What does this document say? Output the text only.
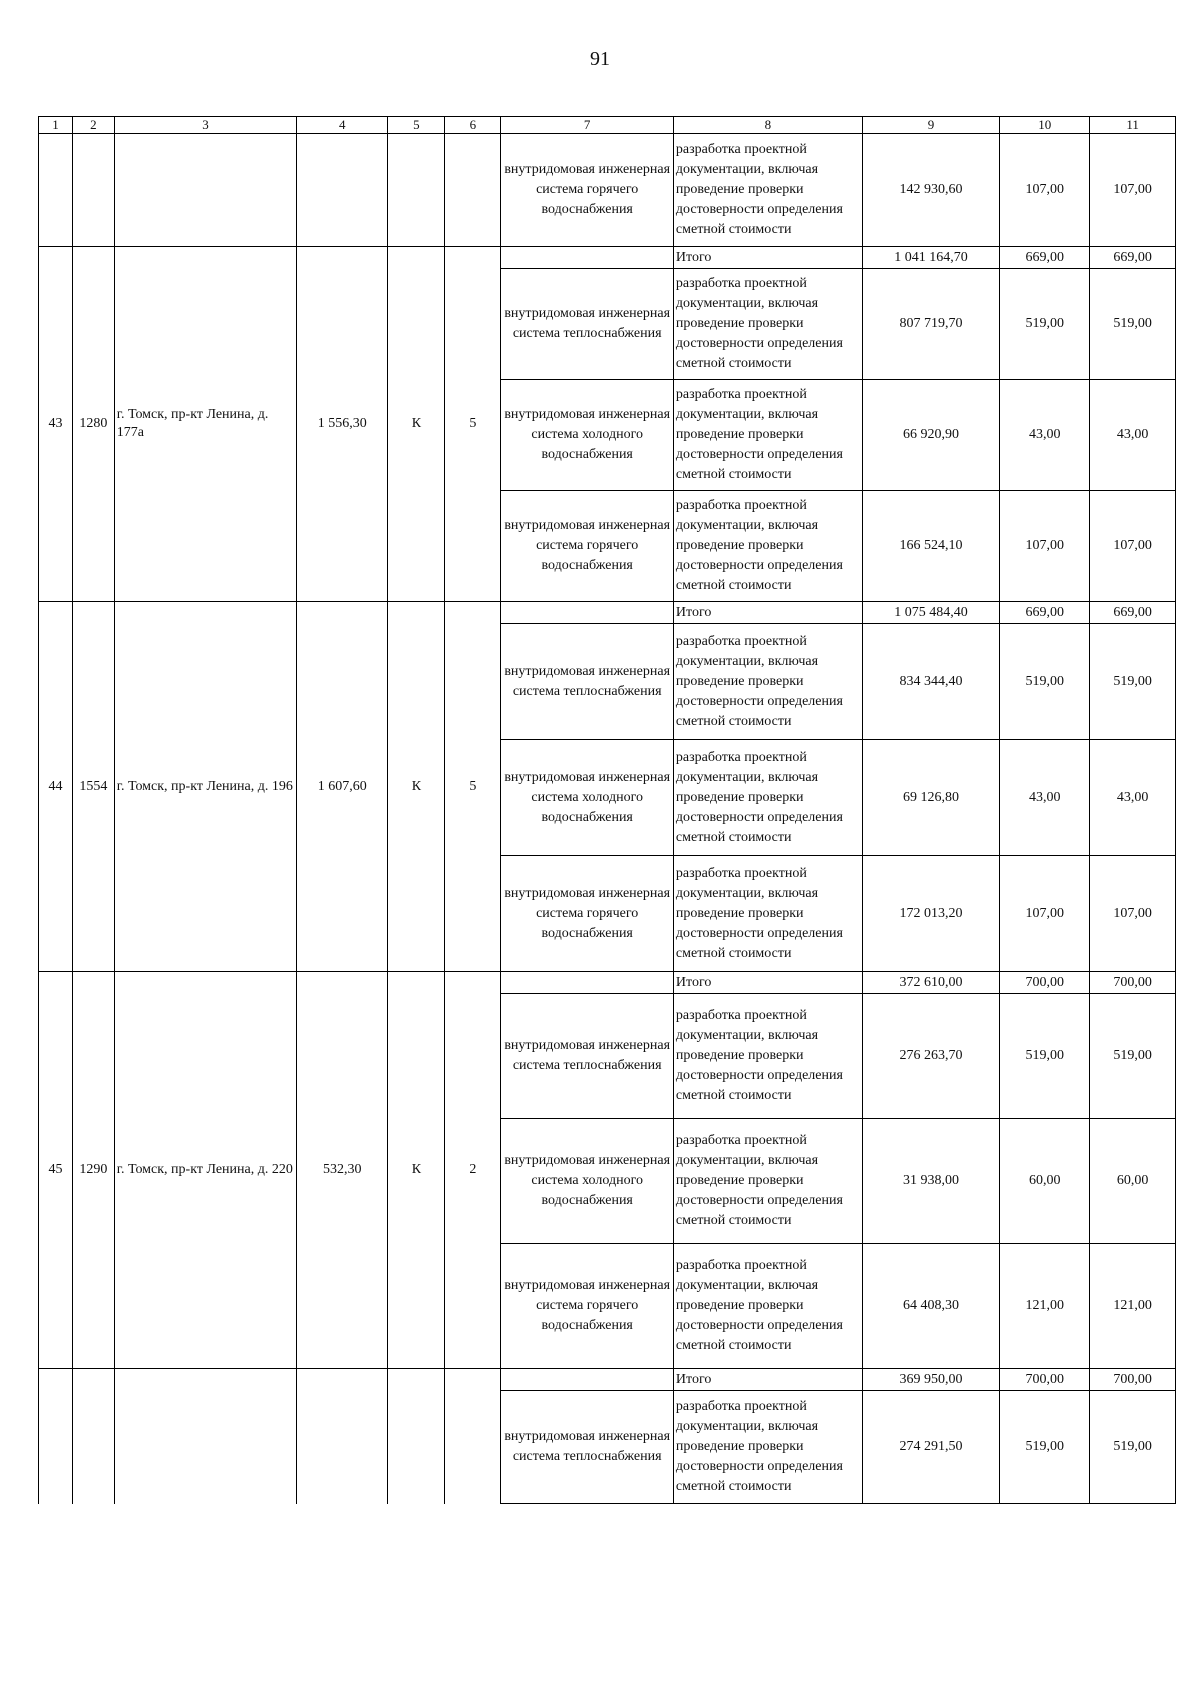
91
1	2	3	4	5	6	7	8	9	10	11
						внутридомовая инженерная система горячего водоснабжения	разработка проектной документации, включая проведение проверки достоверности определения сметной стоимости	142 930,60	107,00	107,00
43	1280	г. Томск, пр-кт Ленина, д. 177а	1 556,30	К	5		Итого	1 041 164,70	669,00	669,00
						внутридомовая инженерная система теплоснабжения	разработка проектной документации, включая проведение проверки достоверности определения сметной стоимости	807 719,70	519,00	519,00
						внутридомовая инженерная система холодного водоснабжения	разработка проектной документации, включая проведение проверки достоверности определения сметной стоимости	66 920,90	43,00	43,00
						внутридомовая инженерная система горячего водоснабжения	разработка проектной документации, включая проведение проверки достоверности определения сметной стоимости	166 524,10	107,00	107,00
44	1554	г. Томск, пр-кт Ленина, д. 196	1 607,60	К	5		Итого	1 075 484,40	669,00	669,00
						внутридомовая инженерная система теплоснабжения	разработка проектной документации, включая проведение проверки достоверности определения сметной стоимости	834 344,40	519,00	519,00
						внутридомовая инженерная система холодного водоснабжения	разработка проектной документации, включая проведение проверки достоверности определения сметной стоимости	69 126,80	43,00	43,00
						внутридомовая инженерная система горячего водоснабжения	разработка проектной документации, включая проведение проверки достоверности определения сметной стоимости	172 013,20	107,00	107,00
45	1290	г. Томск, пр-кт Ленина, д. 220	532,30	К	2		Итого	372 610,00	700,00	700,00
						внутридомовая инженерная система теплоснабжения	разработка проектной документации, включая проведение проверки достоверности определения сметной стоимости	276 263,70	519,00	519,00
						внутридомовая инженерная система холодного водоснабжения	разработка проектной документации, включая проведение проверки достоверности определения сметной стоимости	31 938,00	60,00	60,00
						внутридомовая инженерная система горячего водоснабжения	разработка проектной документации, включая проведение проверки достоверности определения сметной стоимости	64 408,30	121,00	121,00
							Итого	369 950,00	700,00	700,00
						внутридомовая инженерная система теплоснабжения	разработка проектной документации, включая проведение проверки достоверности определения сметной стоимости	274 291,50	519,00	519,00
